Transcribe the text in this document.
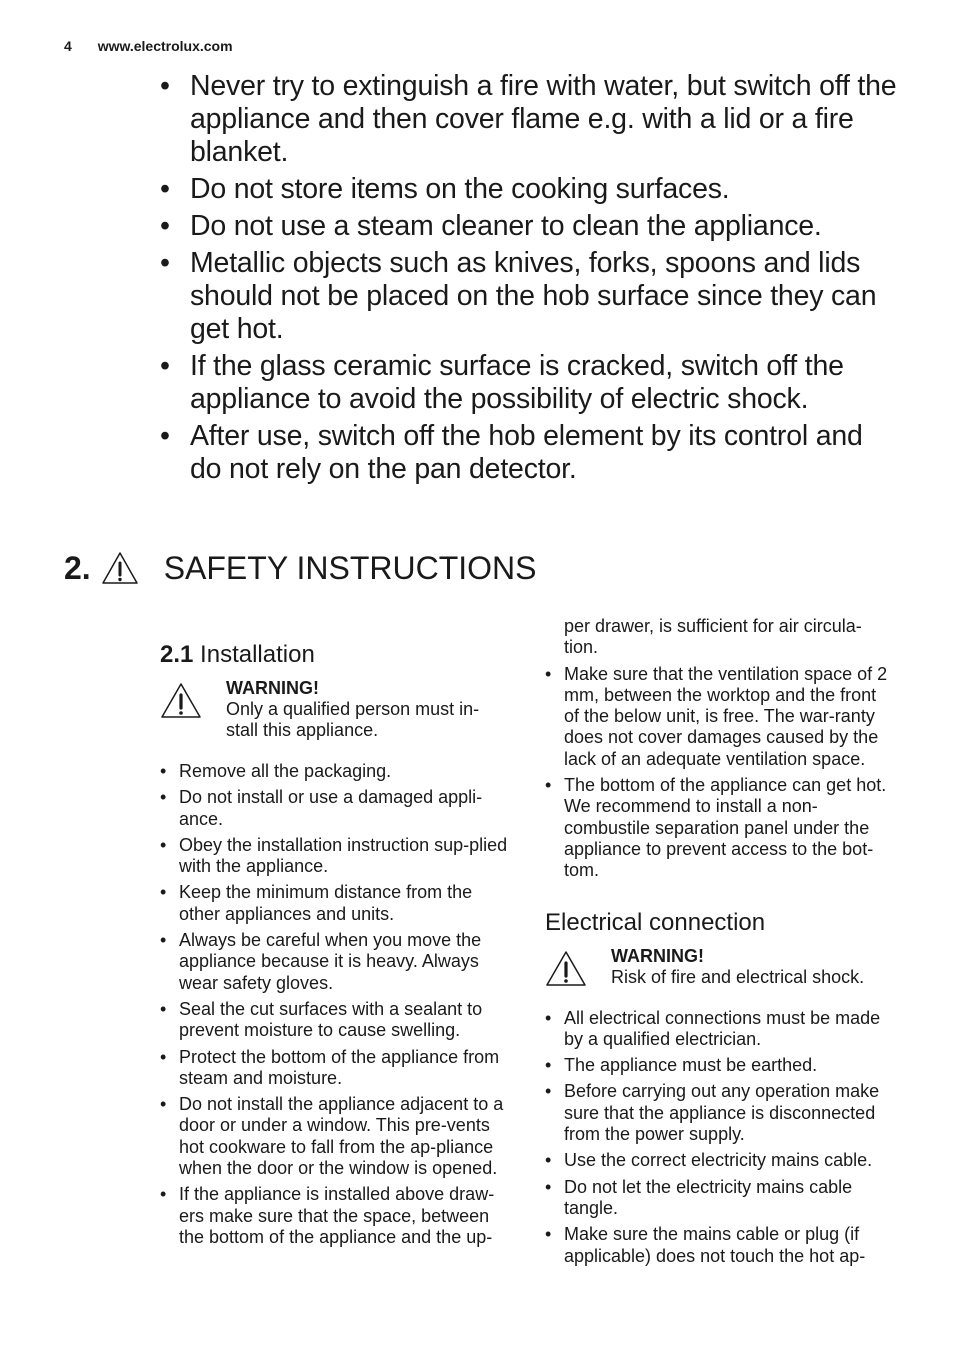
4 www.electrolux.com
• Never try to extinguish a fire with water, but switch off the appliance and then cover flame e.g. with a lid or a fire blanket.
• Do not store items on the cooking surfaces.
• Do not use a steam cleaner to clean the appliance.
• Metallic objects such as knives, forks, spoons and lids should not be placed on the hob surface since they can get hot.
• If the glass ceramic surface is cracked, switch off the appliance to avoid the possibility of electric shock.
• After use, switch off the hob element by its control and do not rely on the pan detector.
2. SAFETY INSTRUCTIONS
2.1 Installation
WARNING!
Only a qualified person must in-stall this appliance.
• Remove all the packaging.
• Do not install or use a damaged appli-ance.
• Obey the installation instruction sup-plied with the appliance.
• Keep the minimum distance from the other appliances and units.
• Always be careful when you move the appliance because it is heavy. Always wear safety gloves.
• Seal the cut surfaces with a sealant to prevent moisture to cause swelling.
• Protect the bottom of the appliance from steam and moisture.
• Do not install the appliance adjacent to a door or under a window. This pre-vents hot cookware to fall from the ap-pliance when the door or the window is opened.
• If the appliance is installed above draw-ers make sure that the space, between the bottom of the appliance and the up-
per drawer, is sufficient for air circula-tion.
• Make sure that the ventilation space of 2 mm, between the worktop and the front of the below unit, is free. The war-ranty does not cover damages caused by the lack of an adequate ventilation space.
• The bottom of the appliance can get hot. We recommend to install a non-combustile separation panel under the appliance to prevent access to the bot-tom.
Electrical connection
WARNING!
Risk of fire and electrical shock.
• All electrical connections must be made by a qualified electrician.
• The appliance must be earthed.
• Before carrying out any operation make sure that the appliance is disconnected from the power supply.
• Use the correct electricity mains cable.
• Do not let the electricity mains cable tangle.
• Make sure the mains cable or plug (if applicable) does not touch the hot ap-
